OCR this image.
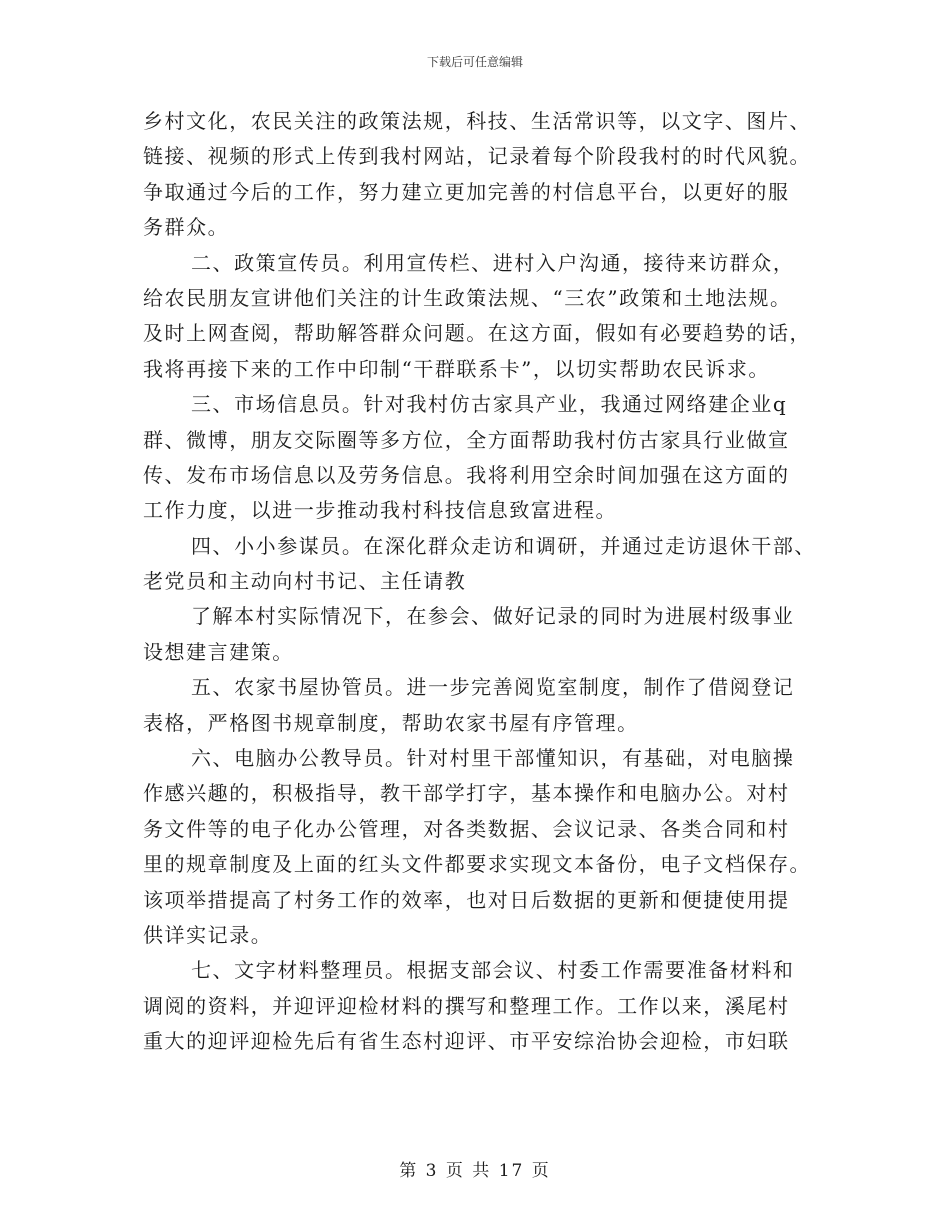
下载后可任意编辑
乡村文化，农民关注的政策法规，科技、生活常识等，以文字、图片、
链接、视频的形式上传到我村网站，记录着每个阶段我村的时代风貌。
争取通过今后的工作，努力建立更加完善的村信息平台，以更好的服
务群众。
二、政策宣传员。利用宣传栏、进村入户沟通，接待来访群众，
给农民朋友宣讲他们关注的计生政策法规、“三农”政策和土地法规。
及时上网查阅，帮助解答群众问题。在这方面，假如有必要趋势的话，
我将再接下来的工作中印制“干群联系卡”，以切实帮助农民诉求。
三、市场信息员。针对我村仿古家具产业，我通过网络建企业q
群、微博，朋友交际圈等多方位，全方面帮助我村仿古家具行业做宣
传、发布市场信息以及劳务信息。我将利用空余时间加强在这方面的
工作力度，以进一步推动我村科技信息致富进程。
四、小小参谋员。在深化群众走访和调研，并通过走访退休干部、
老党员和主动向村书记、主任请教
了解本村实际情况下，在参会、做好记录的同时为进展村级事业
设想建言建策。
五、农家书屋协管员。进一步完善阅览室制度，制作了借阅登记
表格，严格图书规章制度，帮助农家书屋有序管理。
六、电脑办公教导员。针对村里干部懂知识，有基础，对电脑操
作感兴趣的，积极指导，教干部学打字，基本操作和电脑办公。对村
务文件等的电子化办公管理，对各类数据、会议记录、各类合同和村
里的规章制度及上面的红头文件都要求实现文本备份，电子文档保存。
该项举措提高了村务工作的效率，也对日后数据的更新和便捷使用提
供详实记录。
七、文字材料整理员。根据支部会议、村委工作需要准备材料和
调阅的资料，并迎评迎检材料的撰写和整理工作。工作以来，溪尾村
重大的迎评迎检先后有省生态村迎评、市平安综治协会迎检，市妇联
第 3 页 共 17 页
